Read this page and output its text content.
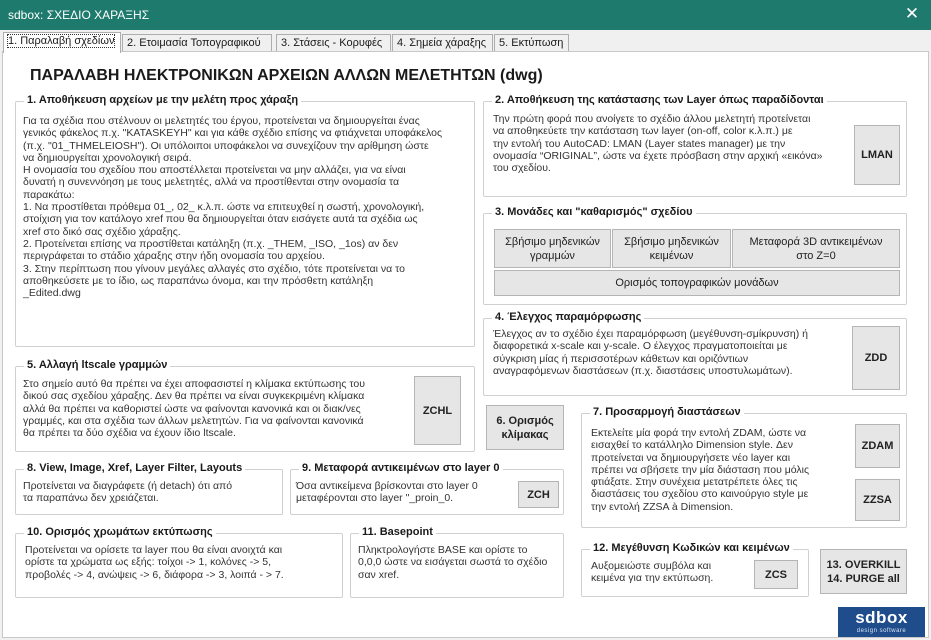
sdbox: ΣΧΕΔΙΟ ΧΑΡΑΞΗΣ	✕
1. Παραλαβή σχεδίων	2. Ετοιμασία Τοπογραφικού	3. Στάσεις - Κορυφές	4. Σημεία χάραξης	5. Εκτύπωση
ΠΑΡΑΛΑΒΗ ΗΛΕΚΤΡΟΝΙΚΩΝ ΑΡΧΕΙΩΝ ΑΛΛΩΝ ΜΕΛΕΤΗΤΩΝ (dwg)
1. Αποθήκευση αρχείων με την μελέτη προς χάραξη
Για τα σχέδια που στέλνουν οι μελετητές του έργου, προτείνεται να δημιουργείται ένας
γενικός φάκελος π.χ. "KATASKEYH" και για κάθε σχέδιο επίσης να φτιάχνεται υποφάκελος
(π.χ. "01_THMELEIOSH"). Οι υπόλοιποι υποφάκελοι να συνεχίζουν την αρίθμηση ώστε
να δημιουργείται χρονολογική σειρά.
Η ονομασία του σχεδίου που αποστέλλεται προτείνεται να μην αλλάζει, για να είναι
δυνατή η συνεννόηση με τους μελετητές, αλλά να προστίθενται στην ονομασία τα
παρακάτω:
1. Να προστίθεται πρόθεμα 01_, 02_ κ.λ.π. ώστε να επιτευχθεί η σωστή, χρονολογική,
στοίχιση για τον κατάλογο xref που θα δημιουργείται όταν εισάγετε αυτά τα σχέδια ως
xref στο δικό σας σχέδιο χάραξης.
2. Προτείνεται επίσης να προστίθεται κατάληξη (π.χ. _THEM, _ISO, _1os) αν δεν
περιγράφεται το στάδιο χάραξης στην ήδη ονομασία του αρχείου.
3. Στην περίπτωση που γίνουν μεγάλες αλλαγές στο σχέδιο, τότε προτείνεται να το
αποθηκεύσετε με το ίδιο, ως παραπάνω όνομα, και την πρόσθετη κατάληξη
_Edited.dwg
2. Αποθήκευση της κατάστασης των Layer όπως παραδίδονται
Την πρώτη φορά που ανοίγετε το σχέδιο άλλου μελετητή προτείνεται
να αποθηκεύετε την κατάσταση των layer (on-off, color κ.λ.π.) με
την εντολή του AutoCAD: LMAN (Layer states manager) με την
ονομασία “ORIGINAL”, ώστε να έχετε πρόσβαση στην αρχική «εικόνα»
του σχεδίου.
LMAN
3. Μονάδες και "καθαρισμός" σχεδίου
Σβήσιμο μηδενικών
γραμμών
Σβήσιμο μηδενικών
κειμένων
Μεταφορά 3D αντικειμένων
στο Z=0
Ορισμός τοπογραφικών μονάδων
4. Έλεγχος παραμόρφωσης
Έλεγχος αν το σχέδιο έχει παραμόρφωση (μεγέθυνση-σμίκρυνση) ή
διαφορετικά x-scale και y-scale. Ο έλεγχος πραγματοποιείται με
σύγκριση μίας ή περισσοτέρων κάθετων και οριζόντιων
αναγραφόμενων διαστάσεων (π.χ. διαστάσεις υποστυλωμάτων).
ZDD
5. Αλλαγή ltscale γραμμών
Στο σημείο αυτό θα πρέπει να έχει αποφασιστεί η κλίμακα εκτύπωσης του
δικού σας σχεδίου χάραξης. Δεν θα πρέπει να είναι συγκεκριμένη κλίμακα
αλλά θα πρέπει να καθοριστεί ώστε να φαίνονται κανονικά και οι διακ/νες
γραμμές, και στα σχέδια των άλλων μελετητών. Για να φαίνονται κανονικά
θα πρέπει τα δύο σχέδια να έχουν ίδιο ltscale.
ZCHL
6. Ορισμός
κλίμακας
7. Προσαρμογή διαστάσεων
Εκτελείτε μία φορά την εντολή ZDAM, ώστε να
εισαχθεί το κατάλληλο Dimension style. Δεν
προτείνεται να δημιουργήσετε νέο layer και
πρέπει να σβήσετε την μία διάσταση που μόλις
φτιάξατε. Στην συνέχεια μετατρέπετε όλες τις
διαστάσεις του σχεδίου στο καινούργιο style με
την εντολή ZZSA à Dimension.
ZDAM
ZZSA
8. View, Image, Xref, Layer Filter, Layouts
Προτείνεται να διαγράφετε (ή detach) ότι από
τα παραπάνω δεν χρειάζεται.
9. Μεταφορά αντικειμένων στο layer 0
Όσα αντικείμενα βρίσκονται στο layer 0
μεταφέρονται στο layer "_proin_0.	ZCH
10. Ορισμός χρωμάτων εκτύπωσης
Προτείνεται να ορίσετε τα layer που θα είναι ανοιχτά και
ορίστε τα χρώματα ως εξής: τοίχοι -> 1, κολόνες -> 5,
προβολές -> 4, ανώψεις -> 6, διάφορα -> 3, λοιπά - > 7.
11. Basepoint
Πληκτρολογήστε BASE και ορίστε το
0,0,0 ώστε να εισάγεται σωστά το σχέδιο
σαν xref.
12. Μεγέθυνση Κωδικών και κειμένων
Αυξομειώστε συμβόλα και
κειμένα για την εκτύπωση.	ZCS
13. OVERKILL
14. PURGE all
sdbox
design software
